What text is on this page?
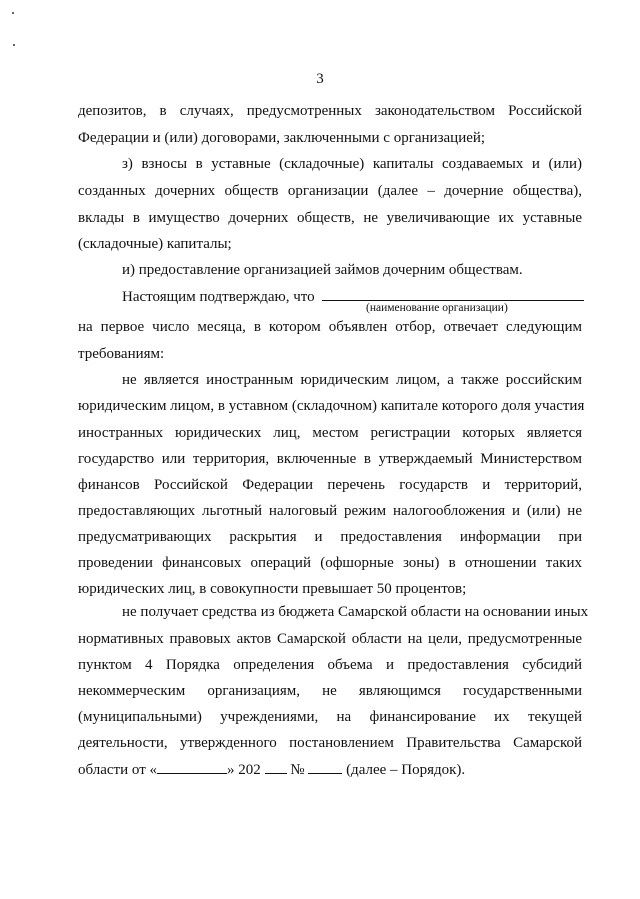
3
депозитов, в случаях, предусмотренных законодательством Российской
Федерации и (или) договорами, заключенными с организацией;
з) взносы в уставные (складочные) капиталы создаваемых и (или)
созданных дочерних обществ организации (далее – дочерние общества),
вклады в имущество дочерних обществ, не увеличивающие их уставные
(складочные) капиталы;
и) предоставление организацией займов дочерним обществам.
Настоящим подтверждаю, что
(наименование организации)
на первое число месяца, в котором объявлен отбор, отвечает следующим
требованиям:
не является иностранным юридическим лицом, а также российским
юридическим лицом, в уставном (складочном) капитале которого доля участия
иностранных юридических лиц, местом регистрации которых является
государство или территория, включенные в утверждаемый Министерством
финансов Российской Федерации перечень государств и территорий,
предоставляющих льготный налоговый режим налогообложения и (или) не
предусматривающих раскрытия и предоставления информации при
проведении финансовых операций (офшорные зоны) в отношении таких
юридических лиц, в совокупности превышает 50 процентов;
не получает средства из бюджета Самарской области на основании иных
нормативных правовых актов Самарской области на цели, предусмотренные
пунктом 4 Порядка определения объема и предоставления субсидий
некоммерческим организациям, не являющимся государственными
(муниципальными) учреждениями, на финансирование их текущей
деятельности, утвержденного постановлением Правительства Самарской
области от «	» 202 №	(далее – Порядок).
